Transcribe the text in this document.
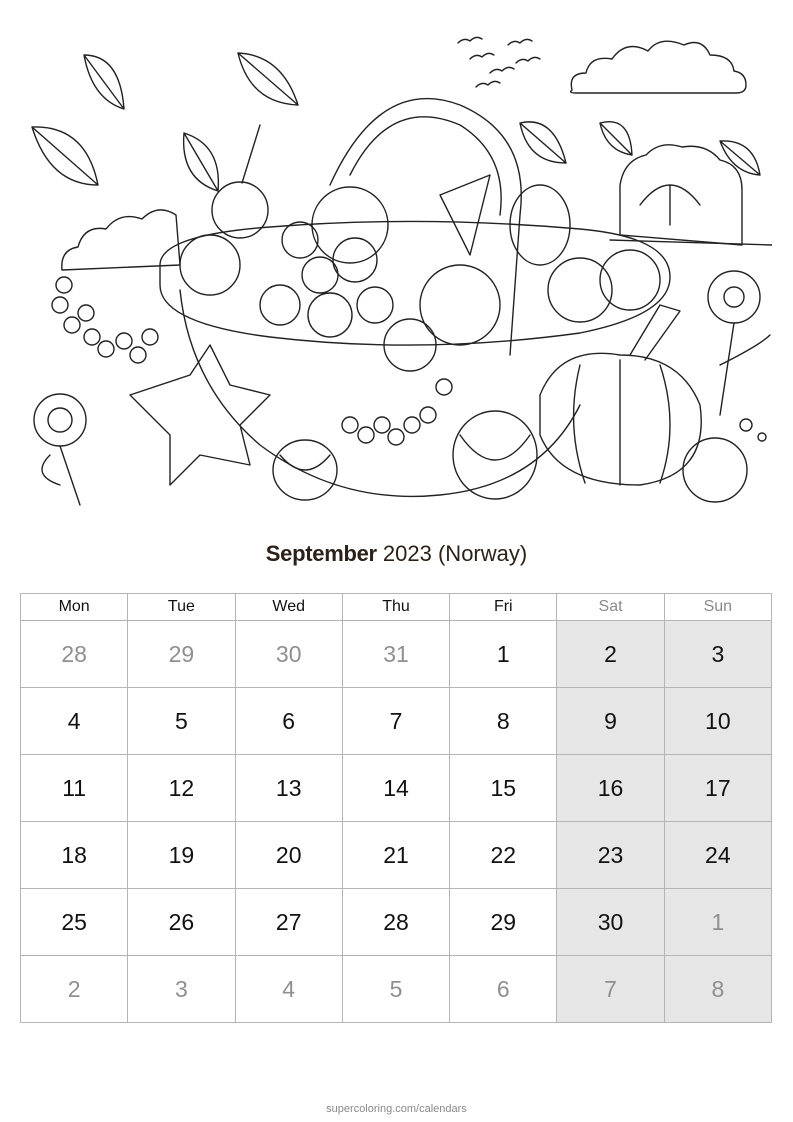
September 2023 (Norway)
Mon	Tue	Wed	Thu	Fri	Sat	Sun
28	29	30	31	1	2	3
4	5	6	7	8	9	10
11	12	13	14	15	16	17
18	19	20	21	22	23	24
25	26	27	28	29	30	1
2	3	4	5	6	7	8
supercoloring.com/calendars
